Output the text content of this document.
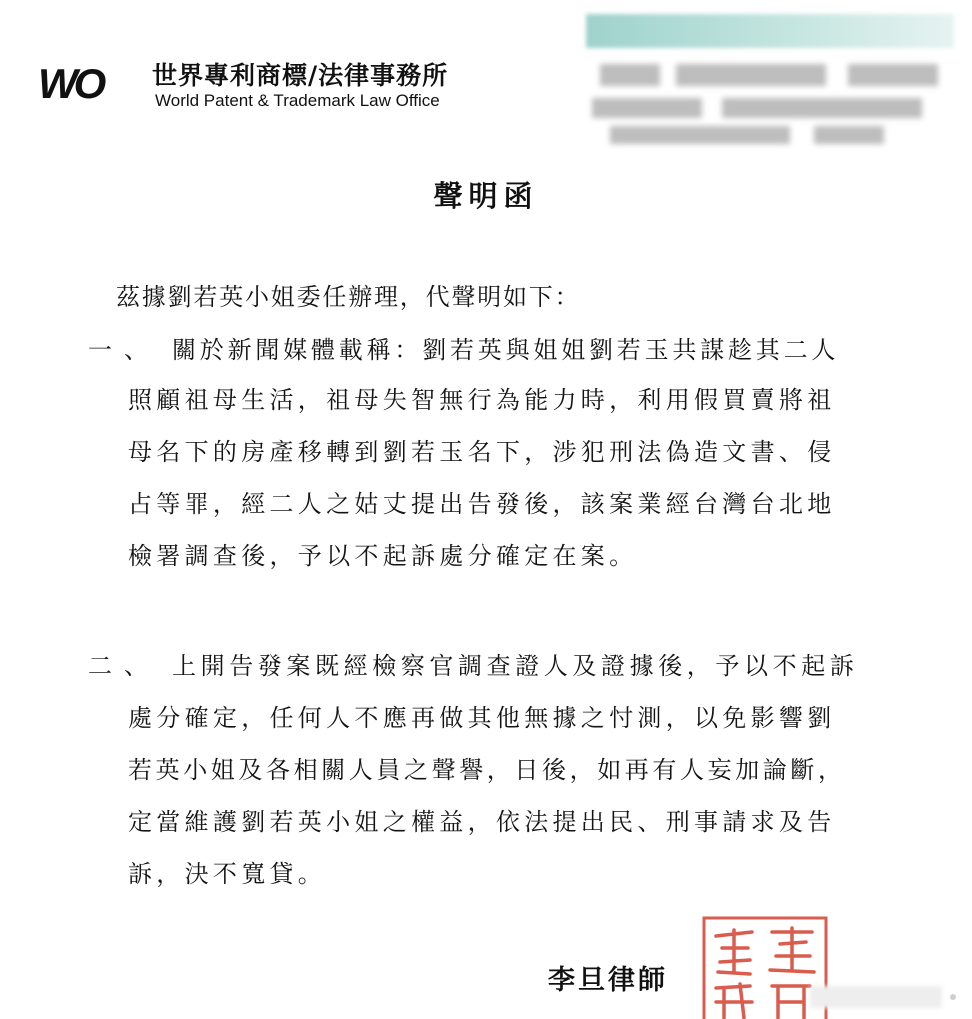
WO 世界專利商標/法律事務所
World Patent & Trademark Law Office
聲明函
茲據劉若英小姐委任辦理，代聲明如下：
一、 關於新聞媒體載稱：劉若英與姐姐劉若玉共謀趁其二人
照顧祖母生活，祖母失智無行為能力時，利用假買賣將祖
母名下的房產移轉到劉若玉名下，涉犯刑法偽造文書、侵
占等罪，經二人之姑丈提出告發後，該案業經台灣台北地
檢署調查後，予以不起訴處分確定在案。
二、 上開告發案既經檢察官調查證人及證據後，予以不起訴
處分確定，任何人不應再做其他無據之忖測，以免影響劉
若英小姐及各相關人員之聲譽，日後，如再有人妄加論斷，
定當維護劉若英小姐之權益，依法提出民、刑事請求及告
訴，決不寬貸。
李旦律師
